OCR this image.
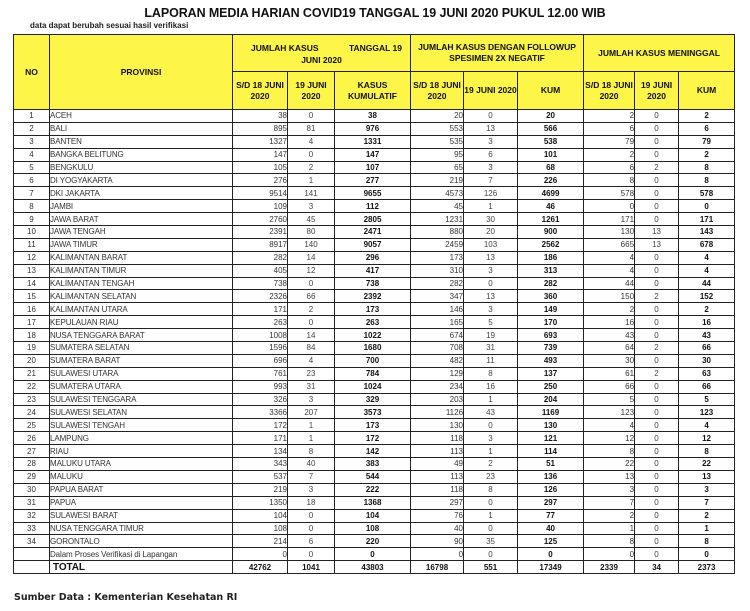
LAPORAN MEDIA HARIAN COVID19 TANGGAL 19 JUNI 2020 PUKUL 12.00 WIB
data dapat berubah sesuai hasil verifikasi
NO	PROVINSI	JUMLAH KASUS TANGGAL 19
JUNI 2020			JUMLAH KASUS DENGAN FOLLOWUP SPESIMEN 2X NEGATIF			JUMLAH KASUS MENINGGAL		
		S/D 18 JUNI 2020	19 JUNI 2020	KASUS KUMULATIF	S/D 18 JUNI 2020	19 JUNI 2020	KUM	S/D 18 JUNI 2020	19 JUNI 2020	KUM
1	ACEH	38	0	38	20	0	20	2	0	2
2	BALI	895	81	976	553	13	566	6	0	6
3	BANTEN	1327	4	1331	535	3	538	79	0	79
4	BANGKA BELITUNG	147	0	147	95	6	101	2	0	2
5	BENGKULU	105	2	107	65	3	68	6	2	8
6	DI YOGYAKARTA	276	1	277	219	7	226	8	0	8
7	DKI JAKARTA	9514	141	9655	4573	126	4699	578	0	578
8	JAMBI	109	3	112	45	1	46	0	0	0
9	JAWA BARAT	2760	45	2805	1231	30	1261	171	0	171
10	JAWA TENGAH	2391	80	2471	880	20	900	130	13	143
11	JAWA TIMUR	8917	140	9057	2459	103	2562	665	13	678
12	KALIMANTAN BARAT	282	14	296	173	13	186	4	0	4
13	KALIMANTAN TIMUR	405	12	417	310	3	313	4	0	4
14	KALIMANTAN TENGAH	738	0	738	282	0	282	44	0	44
15	KALIMANTAN SELATAN	2326	66	2392	347	13	360	150	2	152
16	KALIMANTAN UTARA	171	2	173	146	3	149	2	0	2
17	KEPULAUAN RIAU	263	0	263	165	5	170	16	0	16
18	NUSA TENGGARA BARAT	1008	14	1022	674	19	693	43	0	43
19	SUMATERA SELATAN	1596	84	1680	708	31	739	64	2	66
20	SUMATERA BARAT	696	4	700	482	11	493	30	0	30
21	SULAWESI UTARA	761	23	784	129	8	137	61	2	63
22	SUMATERA UTARA	993	31	1024	234	16	250	66	0	66
23	SULAWESI TENGGARA	326	3	329	203	1	204	5	0	5
24	SULAWESI SELATAN	3366	207	3573	1126	43	1169	123	0	123
25	SULAWESI TENGAH	172	1	173	130	0	130	4	0	4
26	LAMPUNG	171	1	172	118	3	121	12	0	12
27	RIAU	134	8	142	113	1	114	8	0	8
28	MALUKU UTARA	343	40	383	49	2	51	22	0	22
29	MALUKU	537	7	544	113	23	136	13	0	13
30	PAPUA BARAT	219	3	222	118	8	126	3	0	3
31	PAPUA	1350	18	1368	297	0	297	7	0	7
32	SULAWESI BARAT	104	0	104	76	1	77	2	0	2
33	NUSA TENGGARA TIMUR	108	0	108	40	0	40	1	0	1
34	GORONTALO	214	6	220	90	35	125	8	0	8
	Dalam Proses Verifikasi di Lapangan	0	0	0	0	0	0	0	0	0
	TOTAL	42762	1041	43803	16798	551	17349	2339	34	2373
Sumber Data : Kementerian Kesehatan RI
